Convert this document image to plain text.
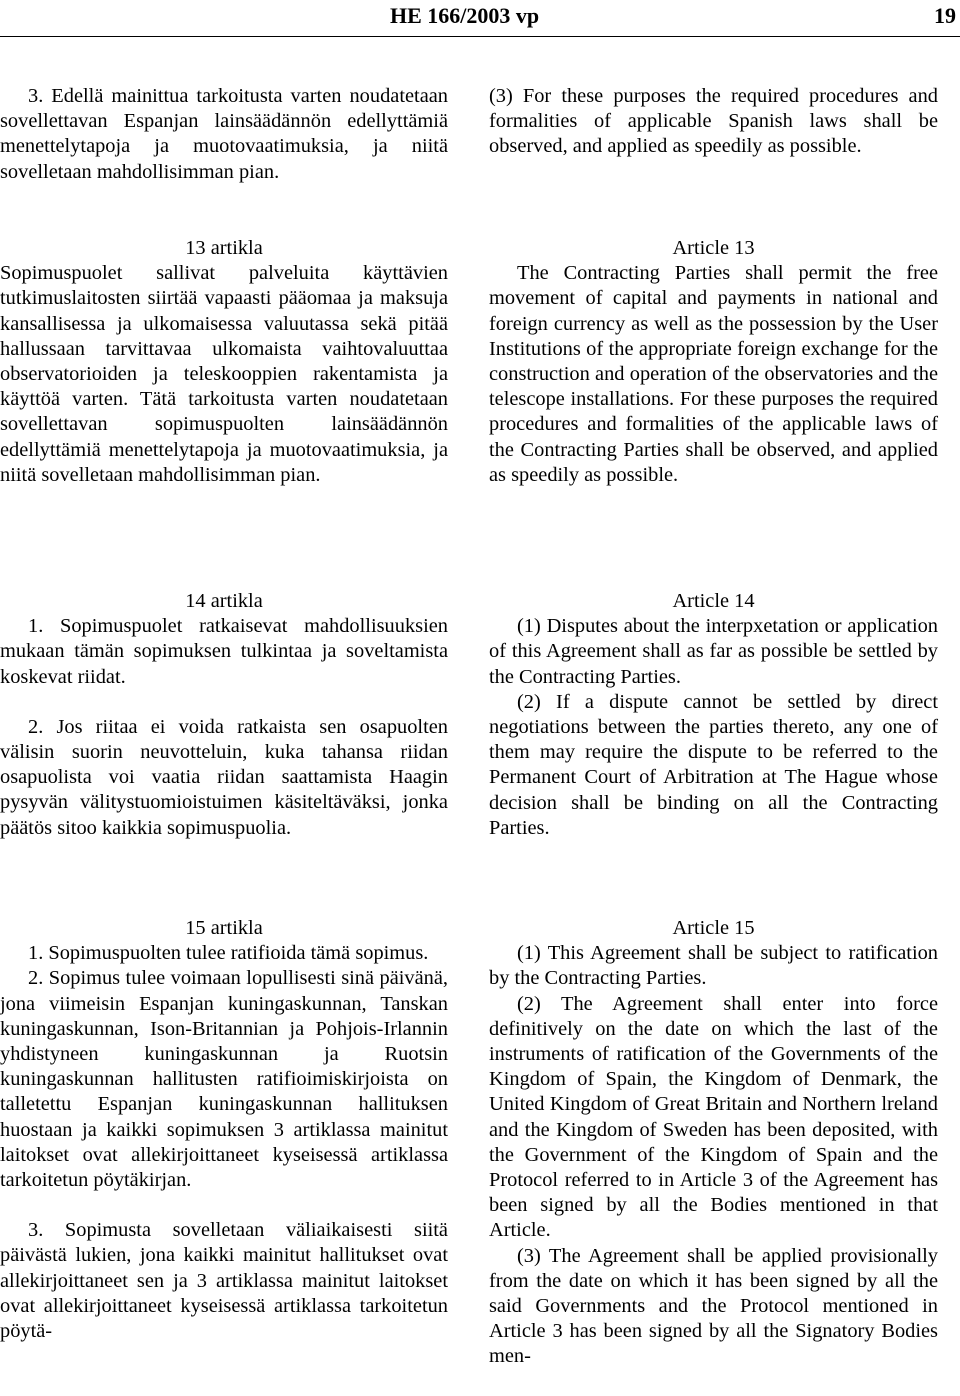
HE 166/2003 vp	19

3. Edellä mainittua tarkoitusta varten noudatetaan sovellettavan Espanjan lainsäädännön edellyttämiä menettelytapoja ja muotovaatimuksia, ja niitä sovelletaan mahdollisimman pian.

13 artikla

Sopimuspuolet sallivat palveluita käyttävien tutkimuslaitosten siirtää vapaasti pääomaa ja maksuja kansallisessa ja ulkomaisessa valuutassa sekä pitää hallussaan tarvittavaa ulkomaista vaihtovaluuttaa observatorioiden ja teleskooppien rakentamista ja käyttöä varten. Tätä tarkoitusta varten noudatetaan sovellettavan sopimuspuolten lainsäädännön edellyttämiä menettelytapoja ja muotovaatimuksia, ja niitä sovelletaan mahdollisimman pian.

14 artikla

1. Sopimuspuolet ratkaisevat mahdollisuuksien mukaan tämän sopimuksen tulkintaa ja soveltamista koskevat riidat.

2. Jos riitaa ei voida ratkaista sen osapuolten välisin suorin neuvotteluin, kuka tahansa riidan osapuolista voi vaatia riidan saattamista Haagin pysyvän välitystuomioistuimen käsiteltäväksi, jonka päätös sitoo kaikkia sopimuspuolia.

15 artikla

1. Sopimuspuolten tulee ratifioida tämä sopimus.

2. Sopimus tulee voimaan lopullisesti sinä päivänä, jona viimeisin Espanjan kuningaskunnan, Tanskan kuningaskunnan, Ison-Britannian ja Pohjois-Irlannin yhdistyneen kuningaskunnan ja Ruotsin kuningaskunnan hallitusten ratifioimiskirjoista on talletettu Espanjan kuningaskunnan hallituksen huostaan ja kaikki sopimuksen 3 artiklassa mainitut laitokset ovat allekirjoittaneet kyseisessä artiklassa tarkoitetun pöytäkirjan.

3. Sopimusta sovelletaan väliaikaisesti siitä päivästä lukien, jona kaikki mainitut hallitukset ovat allekirjoittaneet sen ja 3 artiklassa mainitut laitokset ovat allekirjoittaneet kyseisessä artiklassa tarkoitetun pöytä-

(3) For these purposes the required procedures and formalities of applicable Spanish laws shall be observed, and applied as speedily as possible.

Article 13

The Contracting Parties shall permit the free movement of capital and payments in national and foreign currency as well as the possession by the User Institutions of the appropriate foreign exchange for the construction and operation of the observatories and the telescope installations. For these purposes the required procedures and formalities of the applicable laws of the Contracting Parties shall be observed, and applied as speedily as possible.

Article 14

(1) Disputes about the interpxetation or application of this Agreement shall as far as possible be settled by the Contracting Parties.

(2) If a dispute cannot be settled by direct negotiations between the parties thereto, any one of them may require the dispute to be referred to the Permanent Court of Arbitration at The Hague whose decision shall be binding on all the Contracting Parties.

Article 15

(1) This Agreement shall be subject to ratification by the Contracting Parties.

(2) The Agreement shall enter into force definitively on the date on which the last of the instruments of ratification of the Governments of the Kingdom of Spain, the Kingdom of Denmark, the United Kingdom of Great Britain and Northern lreland and the Kingdom of Sweden has been deposited, with the Government of the Kingdom of Spain and the Protocol referred to in Article 3 of the Agreement has been signed by all the Bodies mentioned in that Article.

(3) The Agreement shall be applied provisionally from the date on which it has been signed by all the said Governments and the Protocol mentioned in Article 3 has been signed by all the Signatory Bodies men-
